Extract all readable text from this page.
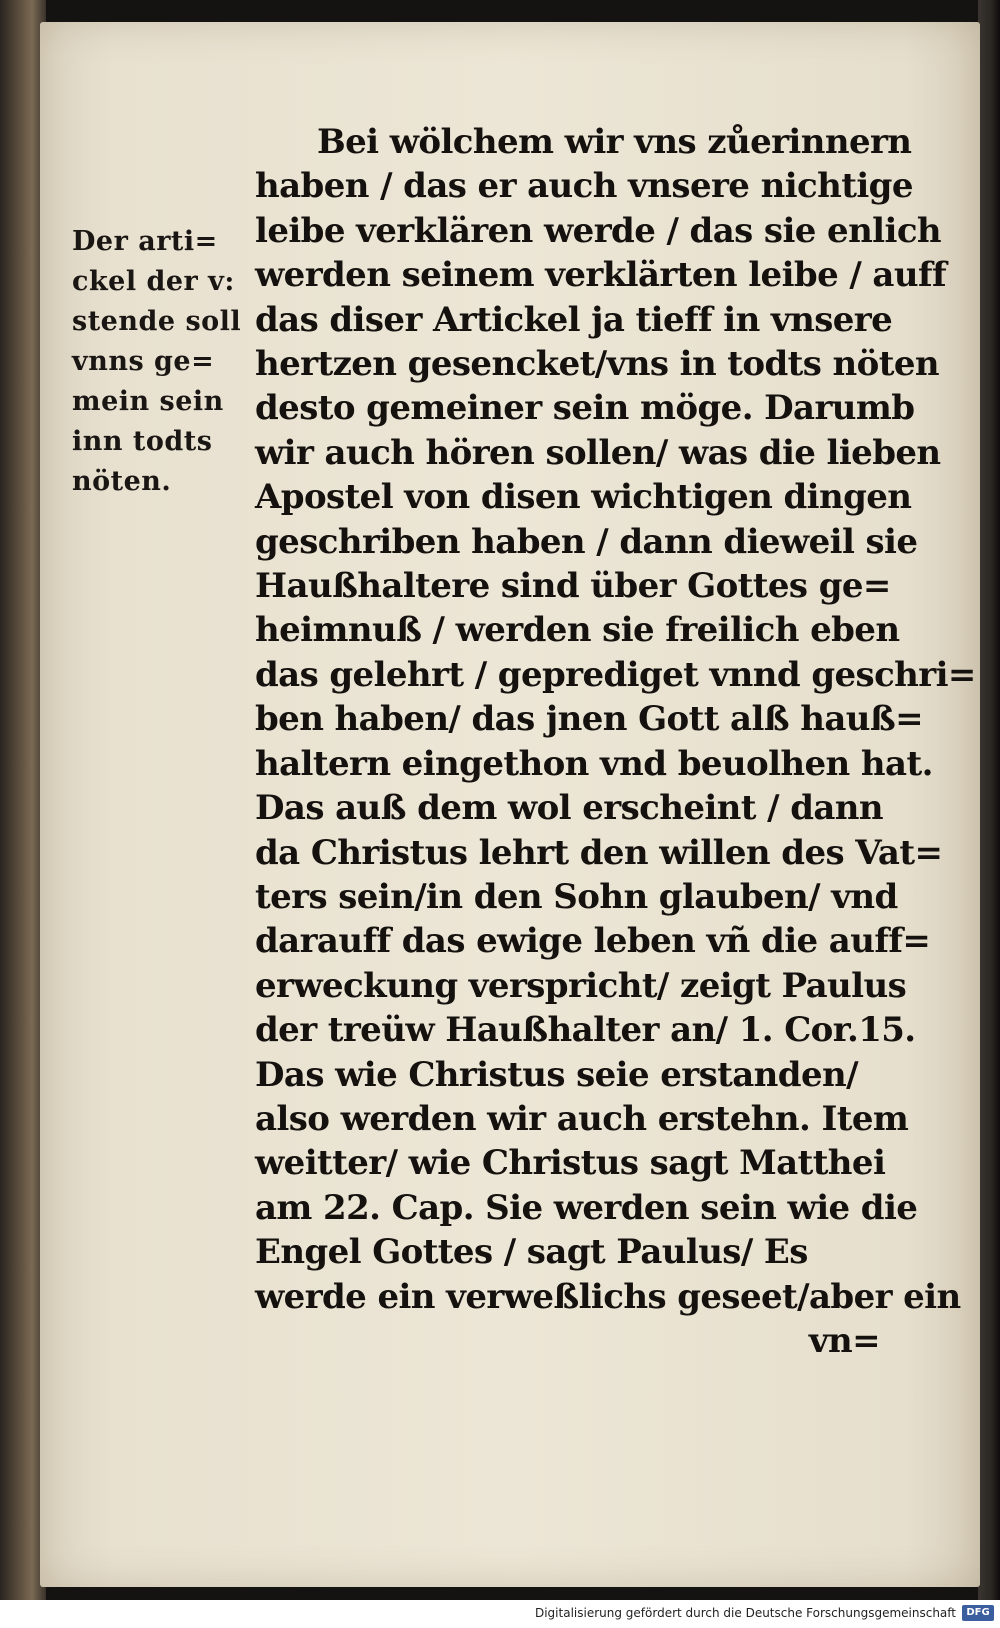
Der arti=
ckel der v:
stende soll
vnns ge=
mein sein
inn todts
nöten.
Bei wölchem wir vns zůerinnern
haben / das er auch vnsere nichtige
leibe verklären werde / das sie enlich
werden seinem verklärten leibe / auff
das diser Artickel ja tieff in vnsere
hertzen gesencket/vns in todts nöten
desto gemeiner sein möge. Darumb
wir auch hören sollen/ was die lieben
Apostel von disen wichtigen dingen
geschriben haben / dann dieweil sie
Haußhaltere sind über Gottes ge=
heimnuß / werden sie freilich eben
das gelehrt / geprediget vnnd geschri=
ben haben/ das jnen Gott alß hauß=
haltern eingethon vnd beuolhen hat.
Das auß dem wol erscheint / dann
da Christus lehrt den willen des Vat=
ters sein/in den Sohn glauben/ vnd
darauff das ewige leben vñ die auff=
erweckung verspricht/ zeigt Paulus
der treüw Haußhalter an/ 1. Cor.15.
Das wie Christus seie erstanden/
also werden wir auch erstehn. Item
weitter/ wie Christus sagt Matthei
am 22. Cap. Sie werden sein wie die
Engel Gottes / sagt Paulus/ Es
werde ein verweßlichs geseet/aber ein
vn=
Digitalisierung gefördert durch die Deutsche Forschungsgemeinschaft	DFG
